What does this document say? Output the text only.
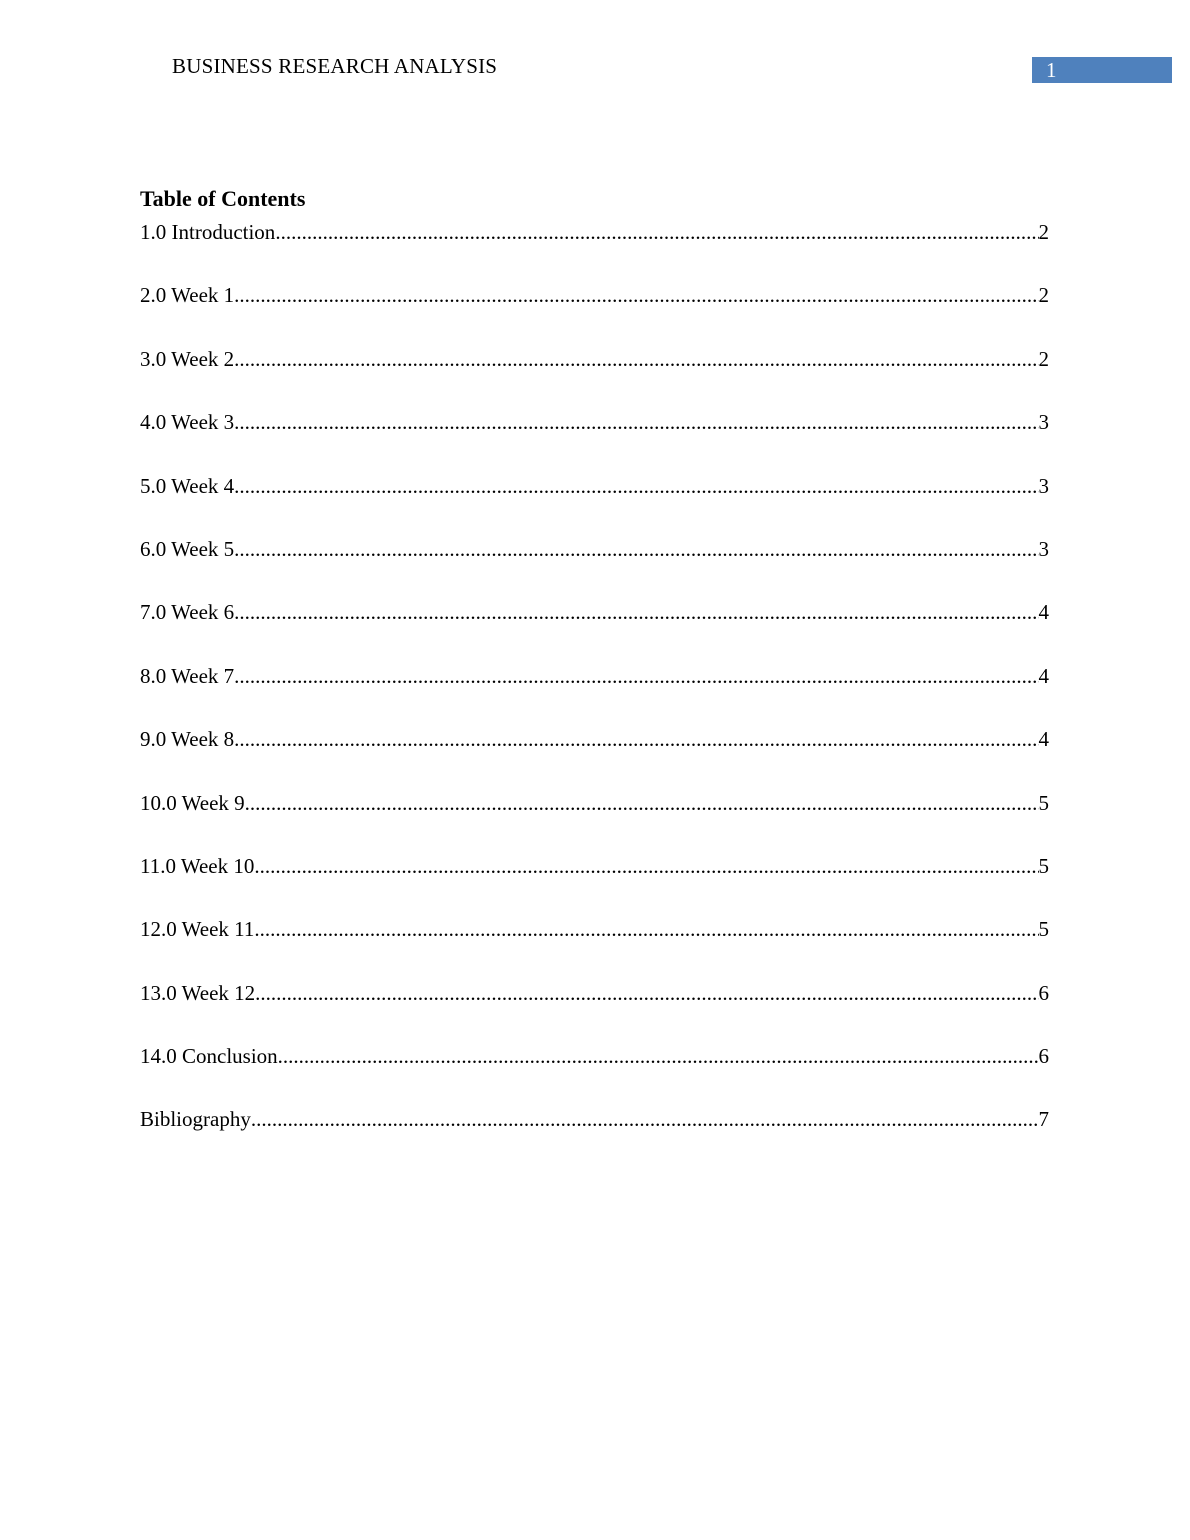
BUSINESS RESEARCH ANALYSIS	1
Table of Contents
1.0 Introduction .....	2
2.0 Week 1 .....	2
3.0 Week 2 .....	2
4.0 Week 3 .....	3
5.0 Week 4 .....	3
6.0 Week 5 .....	3
7.0 Week 6 .....	4
8.0 Week 7 .....	4
9.0 Week 8 .....	4
10.0 Week 9 .....	5
11.0 Week 10 .....	5
12.0 Week 11 .....	5
13.0 Week 12 .....	6
14.0 Conclusion .....	6
Bibliography .....	7
